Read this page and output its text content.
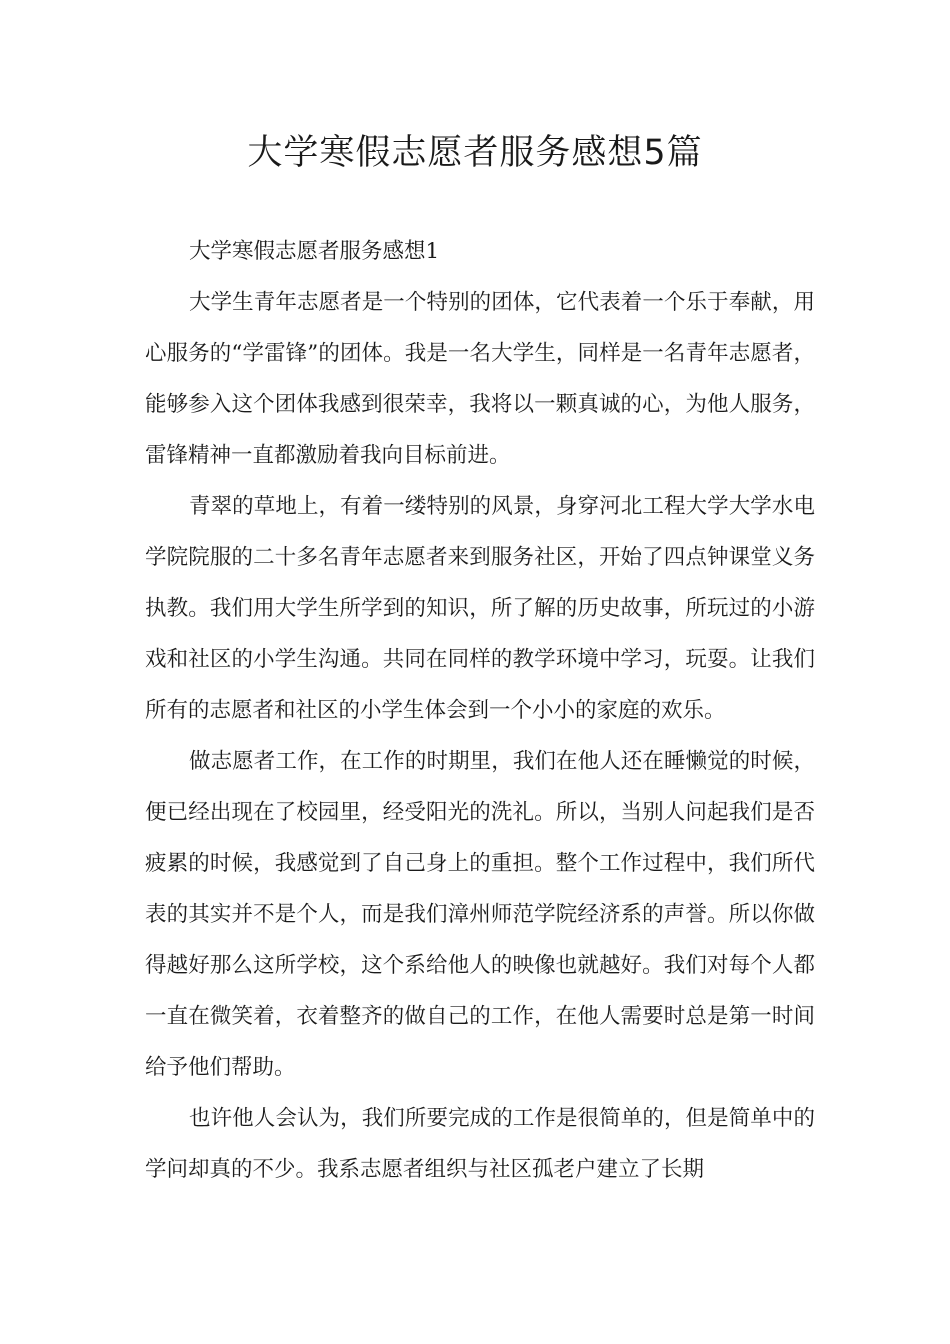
大学寒假志愿者服务感想5篇

大学寒假志愿者服务感想1

大学生青年志愿者是一个特别的团体，它代表着一个乐于奉献，用心服务的“学雷锋”的团体。我是一名大学生，同样是一名青年志愿者，能够参入这个团体我感到很荣幸，我将以一颗真诚的心，为他人服务，雷锋精神一直都激励着我向目标前进。

青翠的草地上，有着一缕特别的风景，身穿河北工程大学大学水电学院院服的二十多名青年志愿者来到服务社区，开始了四点钟课堂义务执教。我们用大学生所学到的知识，所了解的历史故事，所玩过的小游戏和社区的小学生沟通。共同在同样的教学环境中学习，玩耍。让我们所有的志愿者和社区的小学生体会到一个小小的家庭的欢乐。

做志愿者工作，在工作的时期里，我们在他人还在睡懒觉的时候，便已经出现在了校园里，经受阳光的洗礼。所以，当别人问起我们是否疲累的时候，我感觉到了自己身上的重担。整个工作过程中，我们所代表的其实并不是个人，而是我们漳州师范学院经济系的声誉。所以你做得越好那么这所学校，这个系给他人的映像也就越好。我们对每个人都一直在微笑着，衣着整齐的做自己的工作，在他人需要时总是第一时间给予他们帮助。

也许他人会认为，我们所要完成的工作是很简单的，但是简单中的学问却真的不少。我系志愿者组织与社区孤老户建立了长期
